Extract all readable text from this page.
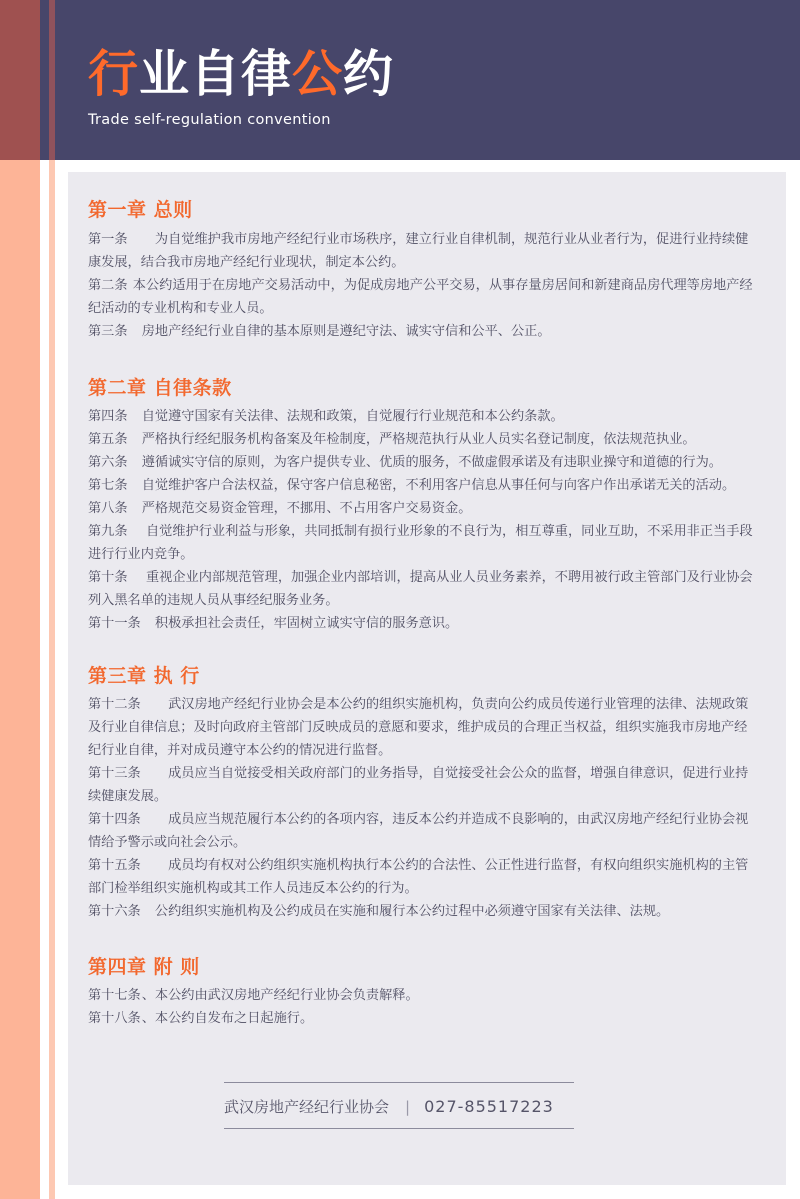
行业自律公约
Trade self-regulation convention
第一章 总则

第一条　　为自觉维护我市房地产经纪行业市场秩序，建立行业自律机制，规范行业从业者行为，促进行业持续健康发展，结合我市房地产经纪行业现状，制定本公约。

第二条 本公约适用于在房地产交易活动中，为促成房地产公平交易，从事存量房居间和新建商品房代理等房地产经纪活动的专业机构和专业人员。

第三条　房地产经纪行业自律的基本原则是遵纪守法、诚实守信和公平、公正。

第二章 自律条款

第四条　自觉遵守国家有关法律、法规和政策，自觉履行行业规范和本公约条款。

第五条　严格执行经纪服务机构备案及年检制度，严格规范执行从业人员实名登记制度，依法规范执业。

第六条　遵循诚实守信的原则，为客户提供专业、优质的服务，不做虚假承诺及有违职业操守和道德的行为。

第七条　自觉维护客户合法权益，保守客户信息秘密，不利用客户信息从事任何与向客户作出承诺无关的活动。

第八条　严格规范交易资金管理，不挪用、不占用客户交易资金。

第九条　 自觉维护行业利益与形象，共同抵制有损行业形象的不良行为，相互尊重，同业互助，不采用非正当手段进行行业内竞争。

第十条　 重视企业内部规范管理，加强企业内部培训，提高从业人员业务素养，不聘用被行政主管部门及行业协会列入黑名单的违规人员从事经纪服务业务。

第十一条　积极承担社会责任，牢固树立诚实守信的服务意识。

第三章 执 行

第十二条　　武汉房地产经纪行业协会是本公约的组织实施机构，负责向公约成员传递行业管理的法律、法规政策及行业自律信息；及时向政府主管部门反映成员的意愿和要求，维护成员的合理正当权益，组织实施我市房地产经纪行业自律，并对成员遵守本公约的情况进行监督。

第十三条　　成员应当自觉接受相关政府部门的业务指导，自觉接受社会公众的监督，增强自律意识，促进行业持续健康发展。

第十四条　　成员应当规范履行本公约的各项内容，违反本公约并造成不良影响的，由武汉房地产经纪行业协会视情给予警示或向社会公示。

第十五条　　成员均有权对公约组织实施机构执行本公约的合法性、公正性进行监督，有权向组织实施机构的主管部门检举组织实施机构或其工作人员违反本公约的行为。

第十六条　公约组织实施机构及公约成员在实施和履行本公约过程中必须遵守国家有关法律、法规。

第四章 附 则

第十七条、本公约由武汉房地产经纪行业协会负责解释。

第十八条、本公约自发布之日起施行。

武汉房地产经纪行业协会 | 027-85517223
